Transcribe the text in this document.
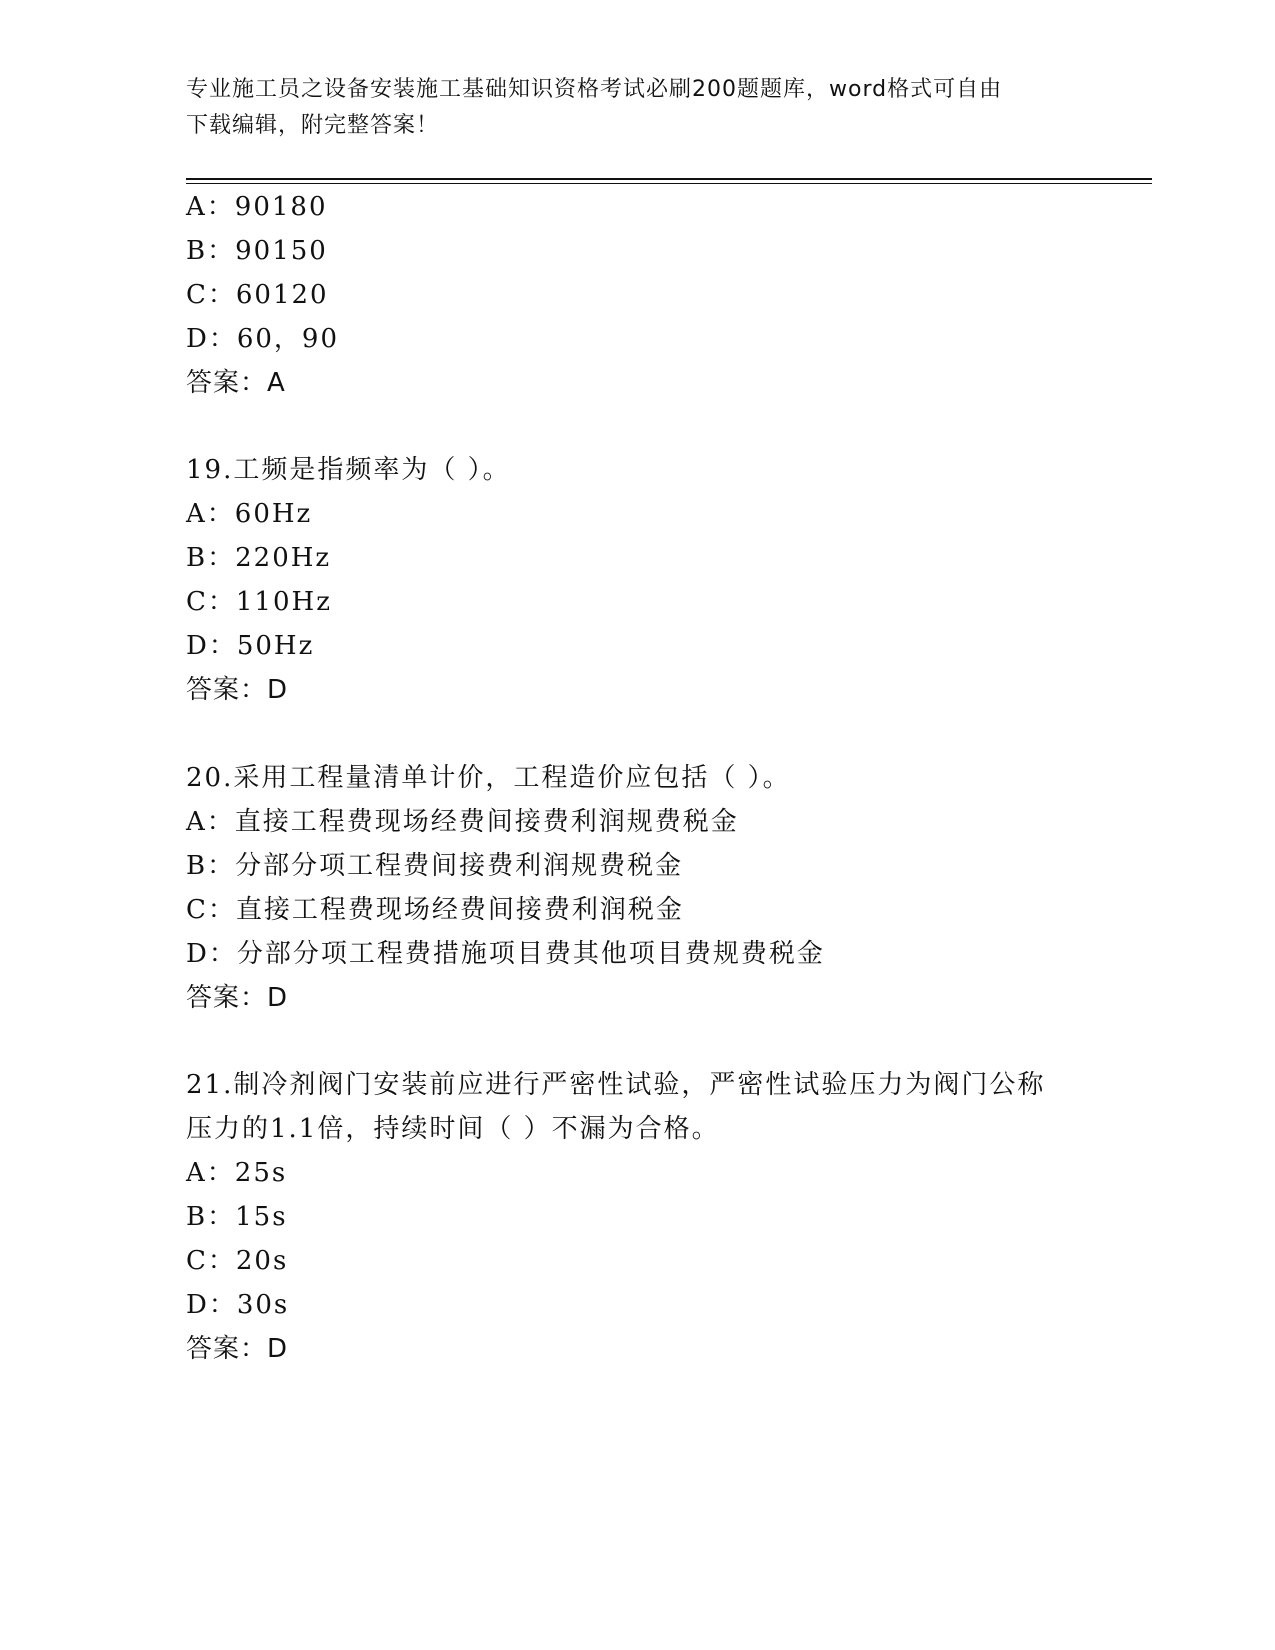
专业施工员之设备安装施工基础知识资格考试必刷200题题库，word格式可自由
下载编辑，附完整答案！
A：90180
B：90150
C：60120
D：60，90
答案：A
19.工频是指频率为（ ）。
A：60Hz
B：220Hz
C：110Hz
D：50Hz
答案：D
20.采用工程量清单计价，工程造价应包括（ ）。
A：直接工程费现场经费间接费利润规费税金
B：分部分项工程费间接费利润规费税金
C：直接工程费现场经费间接费利润税金
D：分部分项工程费措施项目费其他项目费规费税金
答案：D
21.制冷剂阀门安装前应进行严密性试验，严密性试验压力为阀门公称
压力的1.1倍，持续时间（ ）不漏为合格。
A：25s
B：15s
C：20s
D：30s
答案：D
